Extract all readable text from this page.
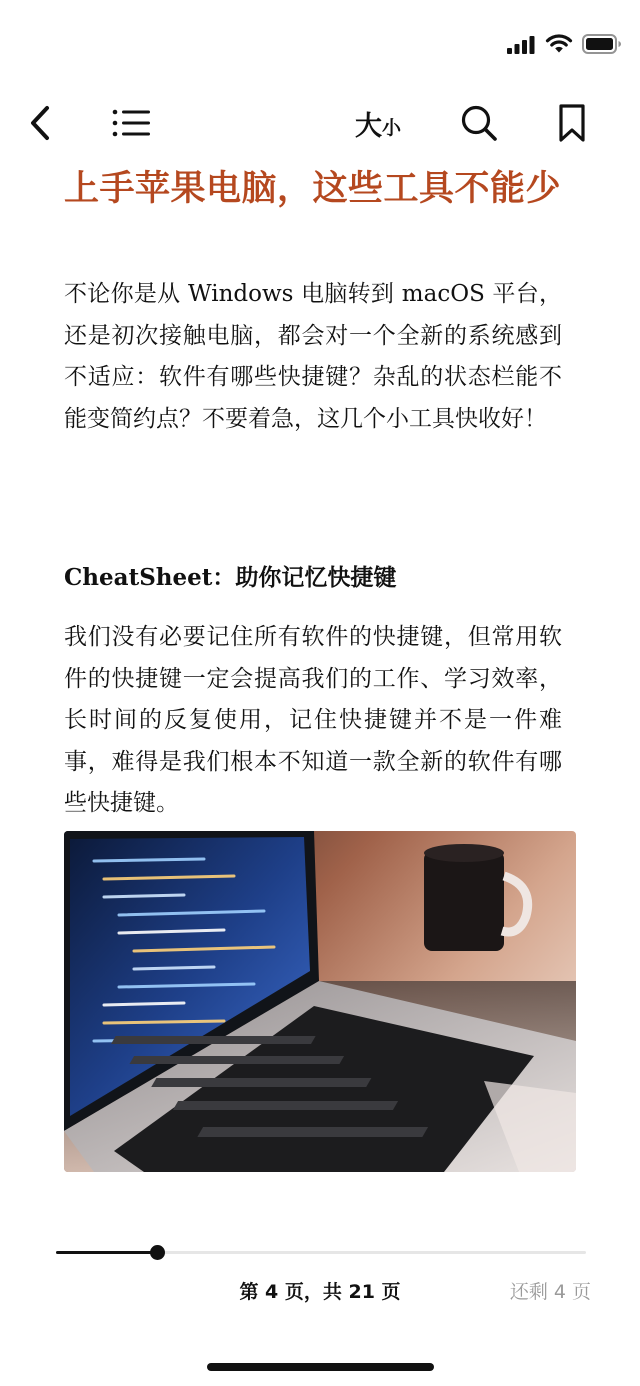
大 小
上手苹果电脑，这些工具不能少
不论你是从 Windows 电脑转到 macOS 平台，还是初次接触电脑，都会对一个全新的系统感到不适应：软件有哪些快捷键？杂乱的状态栏能不能变简约点？不要着急，这几个小工具快收好！
CheatSheet：助你记忆快捷键
我们没有必要记住所有软件的快捷键，但常用软件的快捷键一定会提高我们的工作、学习效率，长时间的反复使用，记住快捷键并不是一件难事，难得是我们根本不知道一款全新的软件有哪些快捷键。
第 4 页，共 21 页	还剩 4 页
